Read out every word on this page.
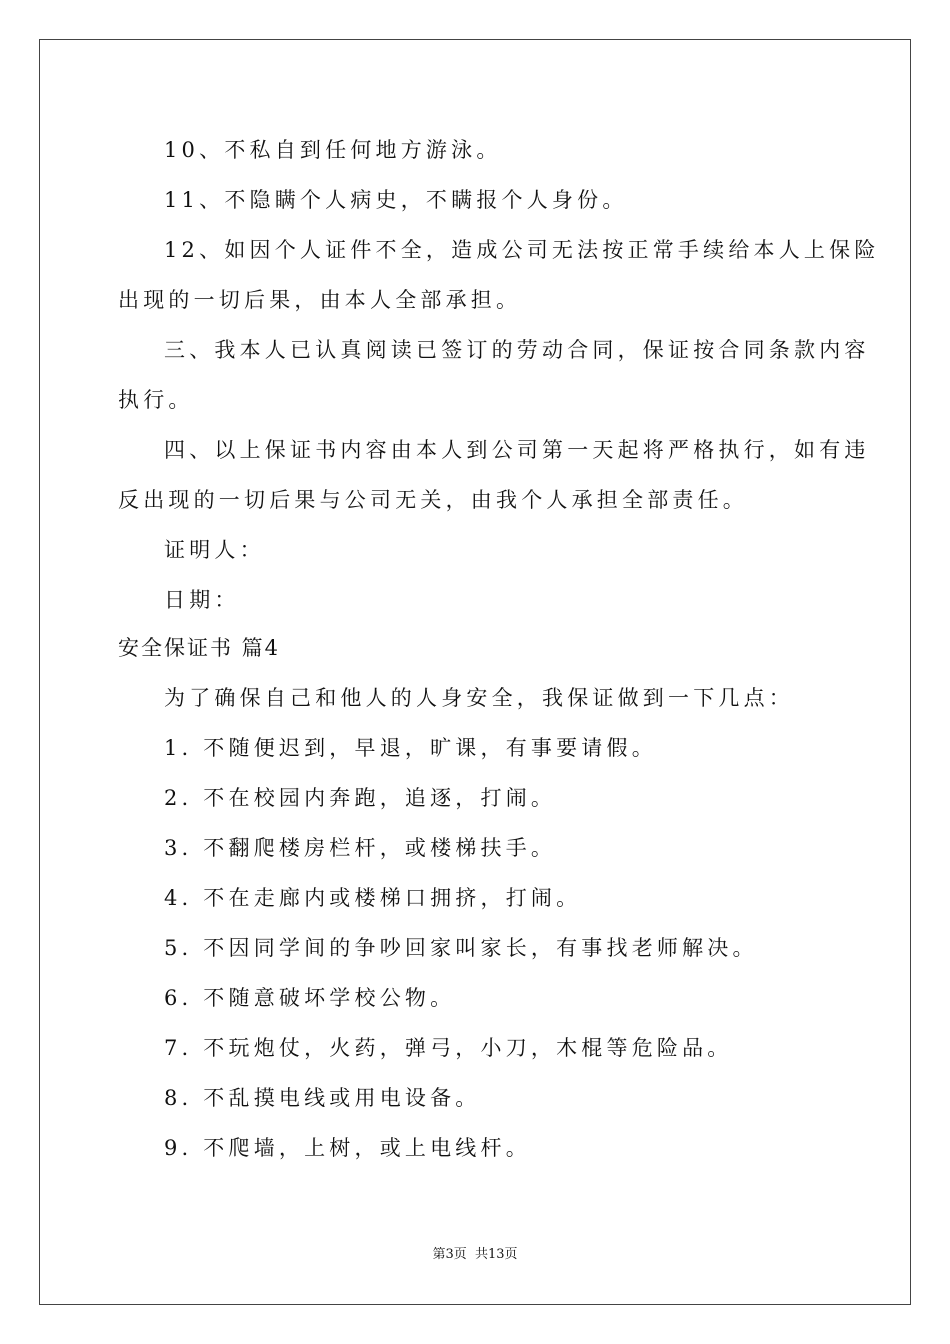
10、不私自到任何地方游泳。
11、不隐瞒个人病史，不瞒报个人身份。
12、如因个人证件不全，造成公司无法按正常手续给本人上保险
出现的一切后果，由本人全部承担。
三、我本人已认真阅读已签订的劳动合同，保证按合同条款内容
执行。
四、以上保证书内容由本人到公司第一天起将严格执行，如有违
反出现的一切后果与公司无关，由我个人承担全部责任。
证明人：
日期：
安全保证书 篇4
为了确保自己和他人的人身安全，我保证做到一下几点：
1. 不随便迟到，早退，旷课，有事要请假。
2. 不在校园内奔跑，追逐，打闹。
3. 不翻爬楼房栏杆，或楼梯扶手。
4. 不在走廊内或楼梯口拥挤，打闹。
5. 不因同学间的争吵回家叫家长，有事找老师解决。
6. 不随意破坏学校公物。
7. 不玩炮仗，火药，弹弓，小刀，木棍等危险品。
8. 不乱摸电线或用电设备。
9. 不爬墙，上树，或上电线杆。
第3页 共13页
